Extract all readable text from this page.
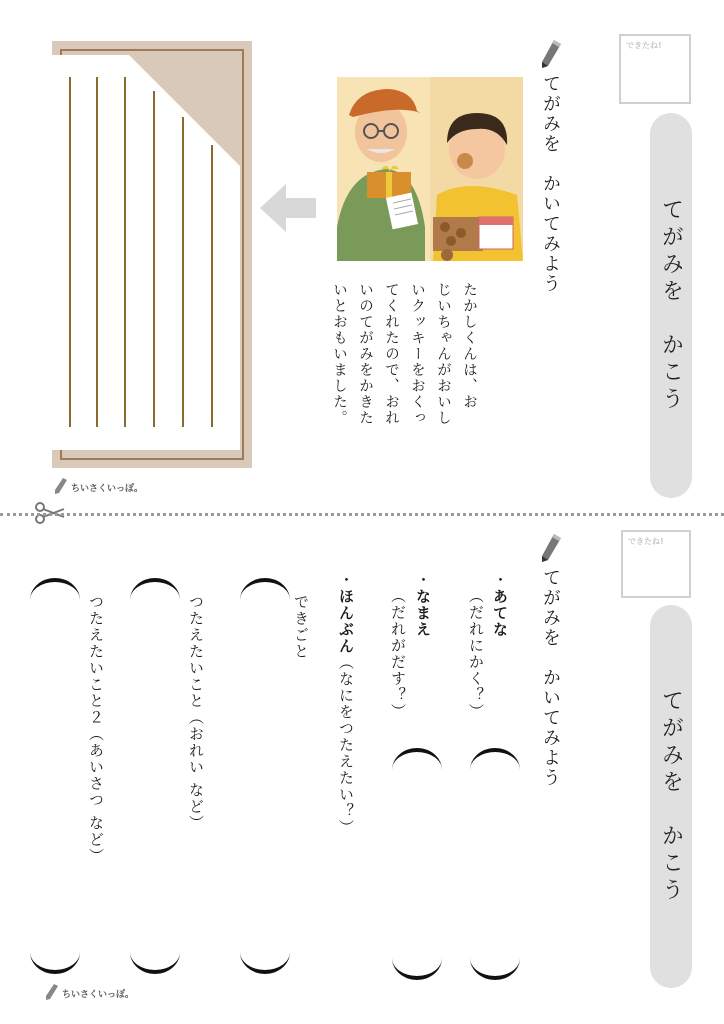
できたね!
てがみを　かこう
てがみを　かいてみよう
たかしくんは、お
じいちゃんがおいし
いクッキーをおくっ
てくれたので、おれ
いのてがみをかきた
いとおもいました。
ちいさくいっぽ。
できたね!
てがみを　かこう
てがみを　かいてみよう
・あてな
（だれにかく？）
・なまえ
（だれがだす？）
・ほんぶん（なにをつたえたい？）
できごと
つたえたいこと（おれい など）
つたえたいこと２（あいさつ など）
ちいさくいっぽ。
